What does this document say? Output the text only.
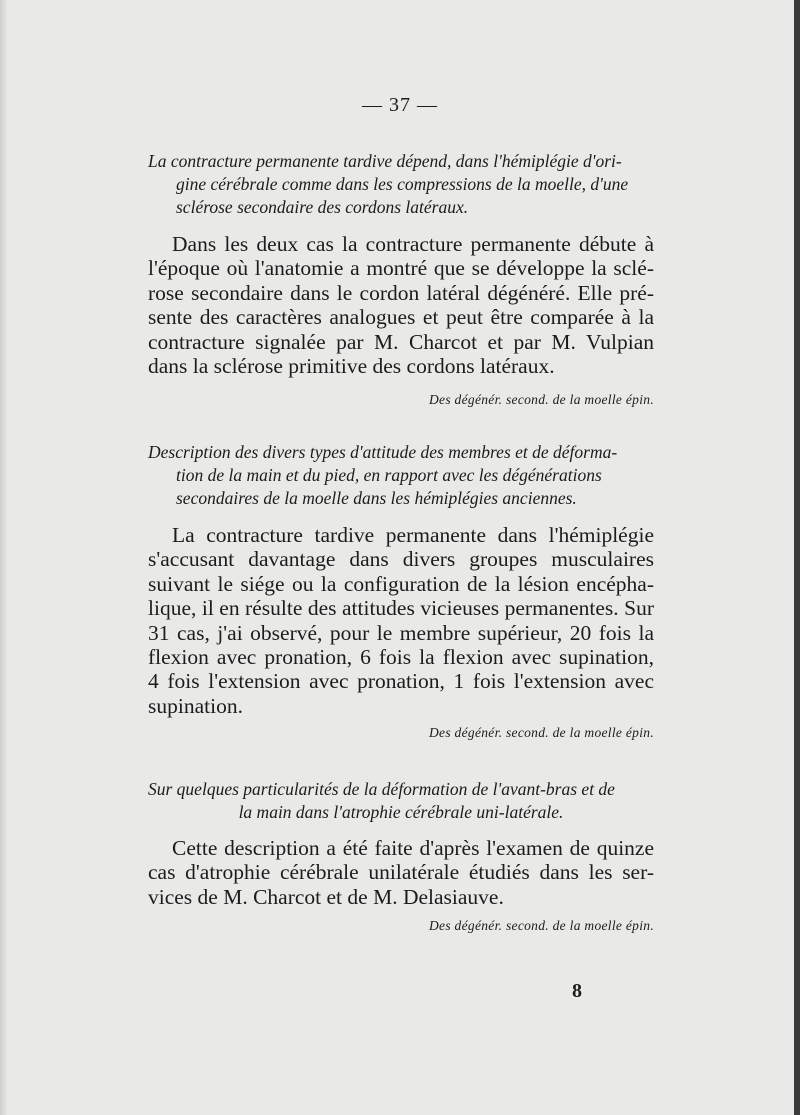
— 37 —
La contracture permanente tardive dépend, dans l'hémiplégie d'ori-
gine cérébrale comme dans les compressions de la moelle, d'une
sclérose secondaire des cordons latéraux.
Dans les deux cas la contracture permanente débute à
l'époque où l'anatomie a montré que se développe la sclé-
rose secondaire dans le cordon latéral dégénéré. Elle pré-
sente des caractères analogues et peut être comparée à la
contracture signalée par M. Charcot et par M. Vulpian
dans la sclérose primitive des cordons latéraux.
Des dégénér. second. de la moelle épin.
Description des divers types d'attitude des membres et de déforma-
tion de la main et du pied, en rapport avec les dégénérations
secondaires de la moelle dans les hémiplégies anciennes.
La contracture tardive permanente dans l'hémiplégie
s'accusant davantage dans divers groupes musculaires
suivant le siége ou la configuration de la lésion encépha-
lique, il en résulte des attitudes vicieuses permanentes. Sur
31 cas, j'ai observé, pour le membre supérieur, 20 fois la
flexion avec pronation, 6 fois la flexion avec supination,
4 fois l'extension avec pronation, 1 fois l'extension avec
supination.
Des dégénér. second. de la moelle épin.
Sur quelques particularités de la déformation de l'avant-bras et de
la main dans l'atrophie cérébrale uni-latérale.
Cette description a été faite d'après l'examen de quinze
cas d'atrophie cérébrale unilatérale étudiés dans les ser-
vices de M. Charcot et de M. Delasiauve.
Des dégénér. second. de la moelle épin.
8
